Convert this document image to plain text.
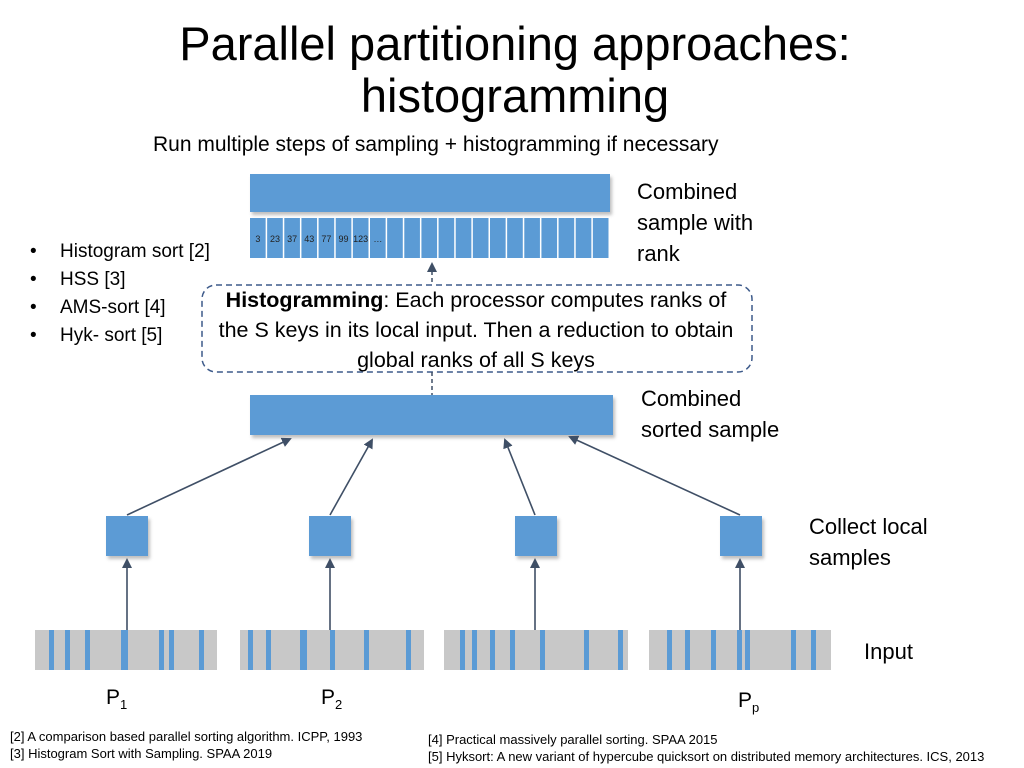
3 23 37 43 77 99 123 …
Parallel partitioning approaches:
histogramming
Run multiple steps of sampling + histogramming if necessary
Combined
sample with
rank
Combined
sorted sample
Collect local
samples
Input
• Histogram sort [2]
• HSS [3]
• AMS-sort [4]
• Hyk- sort [5]
Histogramming: Each processor computes ranks of the S keys in its local input. Then a reduction to obtain global ranks of all S keys
$P_1$	$P_2$	$P_p$
[2] A comparison based parallel sorting algorithm. ICPP, 1993
[3] Histogram Sort with Sampling. SPAA 2019
[4] Practical massively parallel sorting. SPAA 2015
[5] Hyksort: A new variant of hypercube quicksort on distributed memory architectures. ICS, 2013
